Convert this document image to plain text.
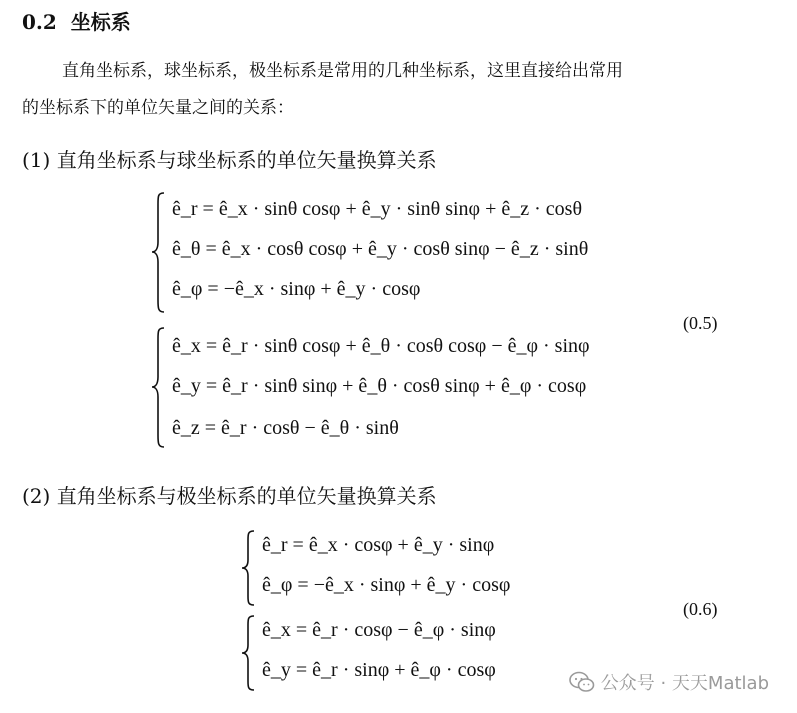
0.2 坐标系
直角坐标系，球坐标系，极坐标系是常用的几种坐标系，这里直接给出常用
的坐标系下的单位矢量之间的关系：
(1) 直角坐标系与球坐标系的单位矢量换算关系
ê_r = ê_x · sinθ cosφ + ê_y · sinθ sinφ + ê_z · cosθ
ê_θ = ê_x · cosθ cosφ + ê_y · cosθ sinφ − ê_z · sinθ
ê_φ = −ê_x · sinφ + ê_y · cosφ
ê_x = ê_r · sinθ cosφ + ê_θ · cosθ cosφ − ê_φ · sinφ
ê_y = ê_r · sinθ sinφ + ê_θ · cosθ sinφ + ê_φ · cosφ
ê_z = ê_r · cosθ − ê_θ · sinθ
(0.5)
(2) 直角坐标系与极坐标系的单位矢量换算关系
ê_r = ê_x · cosφ + ê_y · sinφ
ê_φ = −ê_x · sinφ + ê_y · cosφ
ê_x = ê_r · cosφ − ê_φ · sinφ
ê_y = ê_r · sinφ + ê_φ · cosφ
(0.6)
公众号 · 天天Matlab
